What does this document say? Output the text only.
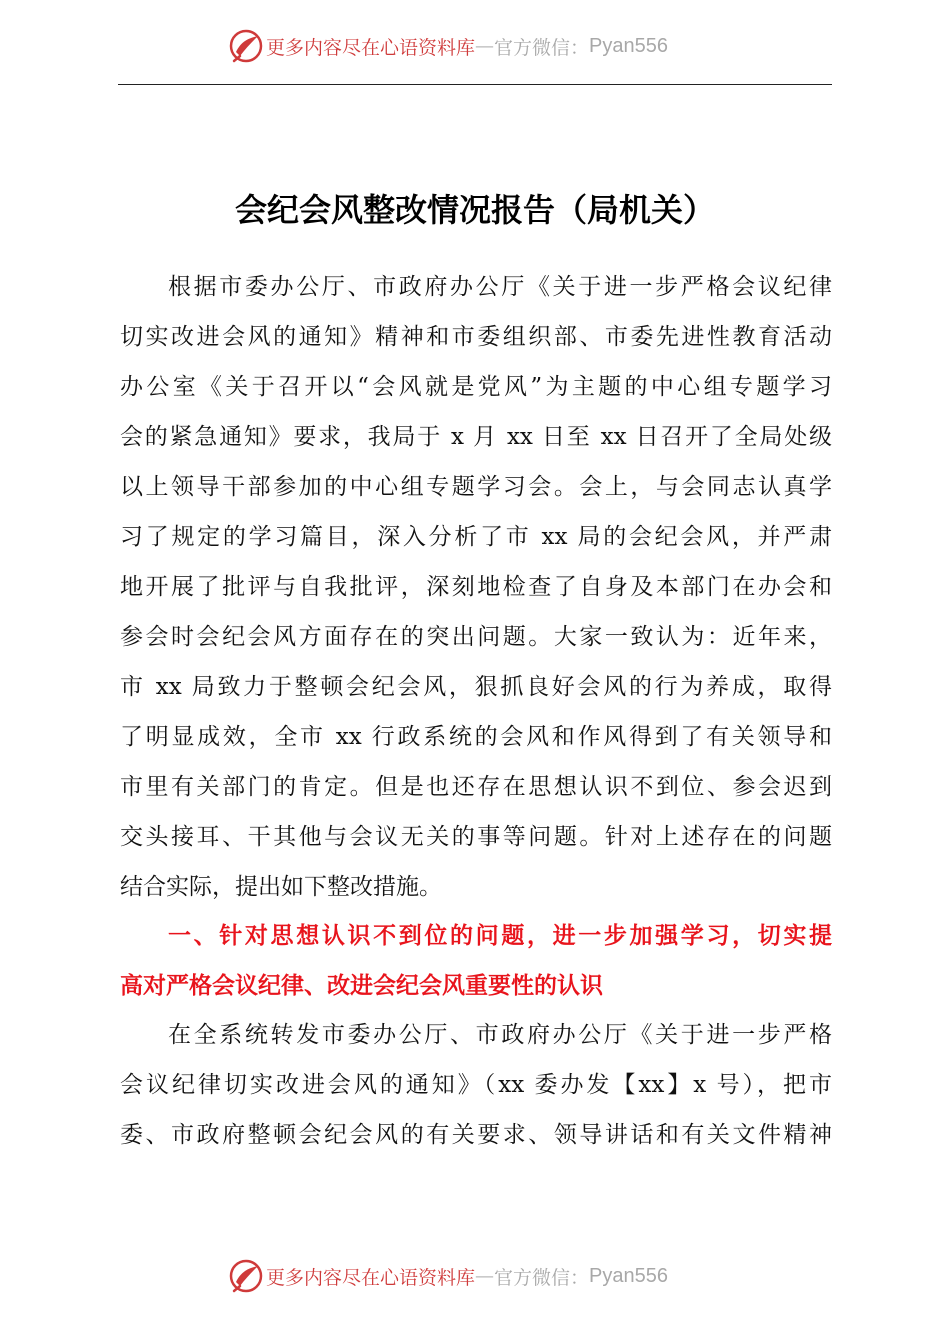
更多内容尽在心语资料库 — 官方微信： Pyan556
会纪会风整改情况报告（局机关）
根据市委办公厅、市政府办公厅《关于进一步严格会议纪律
切实改进会风的通知》精神和市委组织部、市委先进性教育活动
办公室《关于召开以“会风就是党风”为主题的中心组专题学习
会的紧急通知》要求，我局于 x 月 xx 日至 xx 日召开了全局处级
以上领导干部参加的中心组专题学习会。会上，与会同志认真学
习了规定的学习篇目，深入分析了市 xx 局的会纪会风，并严肃
地开展了批评与自我批评，深刻地检查了自身及本部门在办会和
参会时会纪会风方面存在的突出问题。大家一致认为：近年来，
市 xx 局致力于整顿会纪会风，狠抓良好会风的行为养成，取得
了明显成效，全市 xx 行政系统的会风和作风得到了有关领导和
市里有关部门的肯定。但是也还存在思想认识不到位、参会迟到
交头接耳、干其他与会议无关的事等问题。针对上述存在的问题
结合实际，提出如下整改措施。
一、针对思想认识不到位的问题，进一步加强学习，切实提
高对严格会议纪律、改进会纪会风重要性的认识
在全系统转发市委办公厅、市政府办公厅《关于进一步严格
会议纪律切实改进会风的通知》（xx 委办发【xx】x 号），把市
委、市政府整顿会纪会风的有关要求、领导讲话和有关文件精神
更多内容尽在心语资料库 — 官方微信： Pyan556
